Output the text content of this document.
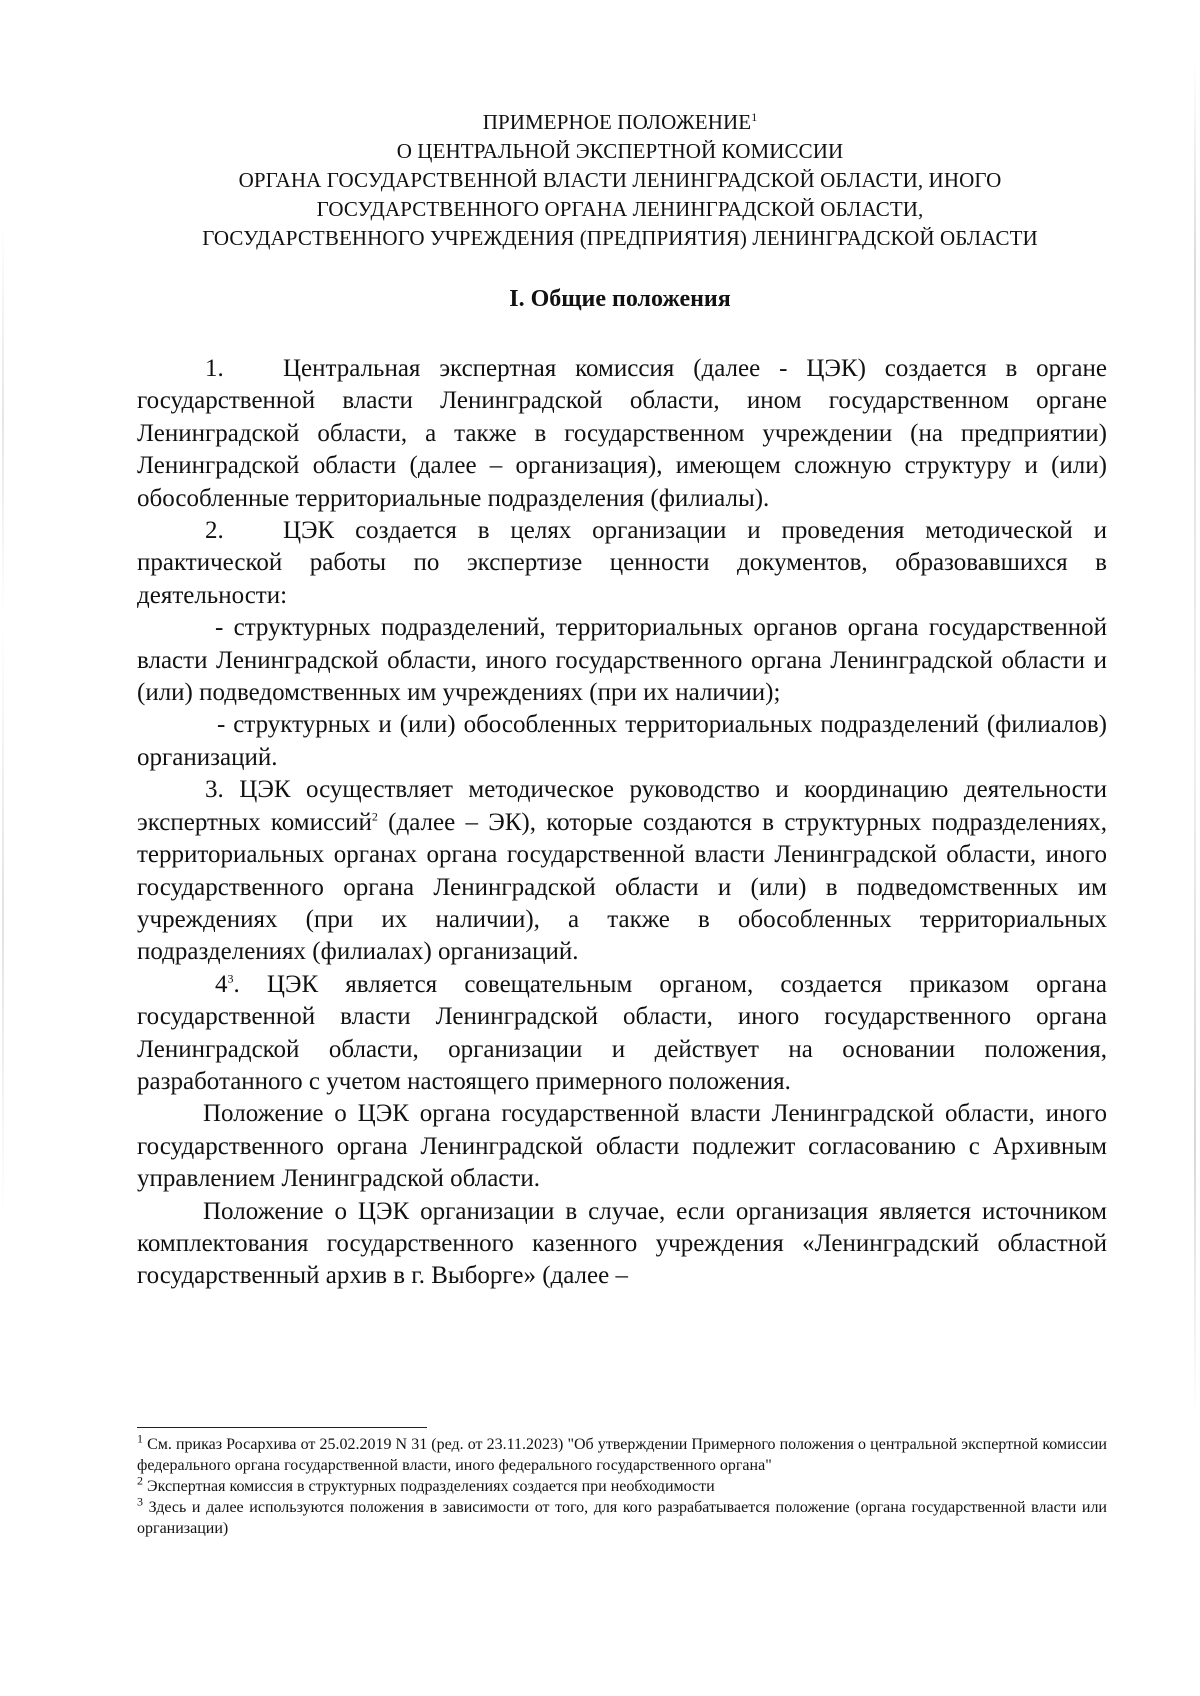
ПРИМЕРНОЕ ПОЛОЖЕНИЕ$^1$
О ЦЕНТРАЛЬНОЙ ЭКСПЕРТНОЙ КОМИССИИ
ОРГАНА ГОСУДАРСТВЕННОЙ ВЛАСТИ ЛЕНИНГРАДСКОЙ ОБЛАСТИ, ИНОГО
ГОСУДАРСТВЕННОГО ОРГАНА ЛЕНИНГРАДСКОЙ ОБЛАСТИ,
ГОСУДАРСТВЕННОГО УЧРЕЖДЕНИЯ (ПРЕДПРИЯТИЯ) ЛЕНИНГРАДСКОЙ ОБЛАСТИ
I. Общие положения

1. Центральная экспертная комиссия (далее - ЦЭК) создается в органе государственной власти Ленинградской области, ином государственном органе Ленинградской области, а также в государственном учреждении (на предприятии) Ленинградской области (далее – организация), имеющем сложную структуру и (или) обособленные территориальные подразделения (филиалы).

2. ЦЭК создается в целях организации и проведения методической и практической работы по экспертизе ценности документов, образовавшихся в деятельности:

- структурных подразделений, территориальных органов органа государственной власти Ленинградской области, иного государственного органа Ленинградской области и (или) подведомственных им учреждениях (при их наличии);

- структурных и (или) обособленных территориальных подразделений (филиалов) организаций.

3. ЦЭК осуществляет методическое руководство и координацию деятельности экспертных комиссий$^2$ (далее – ЭК), которые создаются в структурных подразделениях, территориальных органах органа государственной власти Ленинградской области, иного государственного органа Ленинградской области и (или) в подведомственных им учреждениях (при их наличии), а также в обособленных территориальных подразделениях (филиалах) организаций.

$4^3$. ЦЭК является совещательным органом, создается приказом органа государственной власти Ленинградской области, иного государственного органа Ленинградской области, организации и действует на основании положения, разработанного с учетом настоящего примерного положения.

Положение о ЦЭК органа государственной власти Ленинградской области, иного государственного органа Ленинградской области подлежит согласованию с Архивным управлением Ленинградской области.

Положение о ЦЭК организации в случае, если организация является источником комплектования государственного казенного учреждения «Ленинградский областной государственный архив в г. Выборге» (далее –

$^1$ См. приказ Росархива от 25.02.2019 N 31 (ред. от 23.11.2023) "Об утверждении Примерного положения о центральной экспертной комиссии федерального органа государственной власти, иного федерального государственного органа"

$^2$ Экспертная комиссия в структурных подразделениях создается при необходимости

$^3$ Здесь и далее используются положения в зависимости от того, для кого разрабатывается положение (органа государственной власти или организации)
